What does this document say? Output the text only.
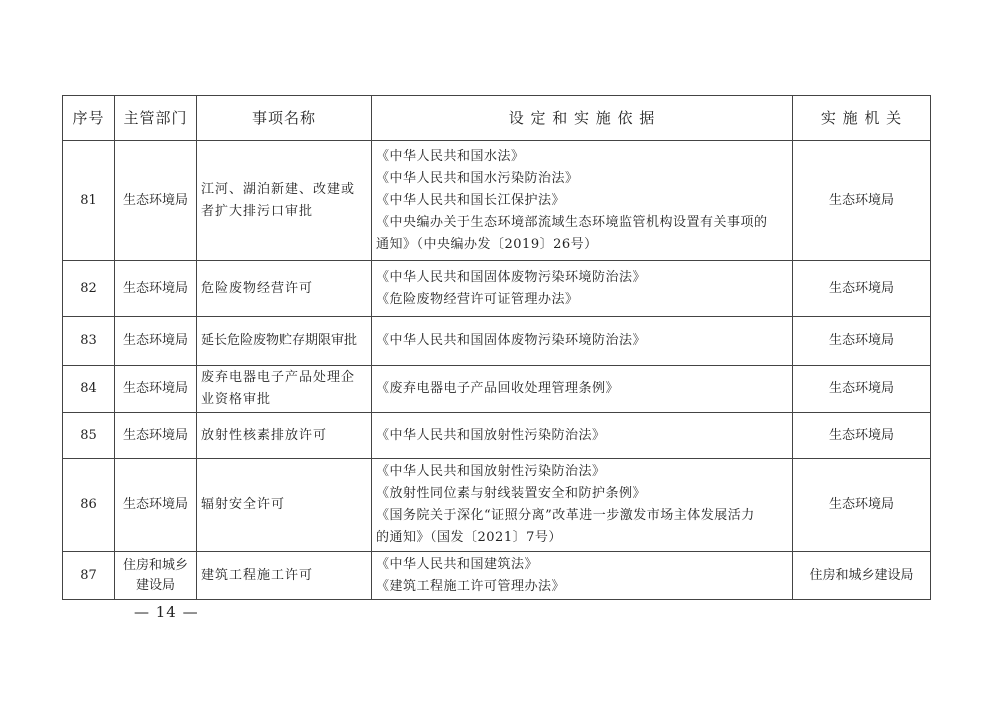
序号	主管部门	事项名称	设 定 和 实 施 依 据	实 施 机 关
81	生态环境局	江河、湖泊新建、改建或者扩大排污口审批	《中华人民共和国水法》
《中华人民共和国水污染防治法》
《中华人民共和国长江保护法》
《中央编办关于生态环境部流域生态环境监管机构设置有关事项的
通知》（中央编办发〔2019〕26号）	生态环境局
82	生态环境局	危险废物经营许可	《中华人民共和国固体废物污染环境防治法》
《危险废物经营许可证管理办法》	生态环境局
83	生态环境局	延长危险废物贮存期限审批	《中华人民共和国固体废物污染环境防治法》	生态环境局
84	生态环境局	废弃电器电子产品处理企业资格审批	《废弃电器电子产品回收处理管理条例》	生态环境局
85	生态环境局	放射性核素排放许可	《中华人民共和国放射性污染防治法》	生态环境局
86	生态环境局	辐射安全许可	《中华人民共和国放射性污染防治法》
《放射性同位素与射线装置安全和防护条例》
《国务院关于深化“证照分离”改革进一步激发市场主体发展活力
的通知》（国发〔2021〕7号）	生态环境局
87	住房和城乡建设局	建筑工程施工许可	《中华人民共和国建筑法》
《建筑工程施工许可管理办法》	住房和城乡建设局
— 14 —
